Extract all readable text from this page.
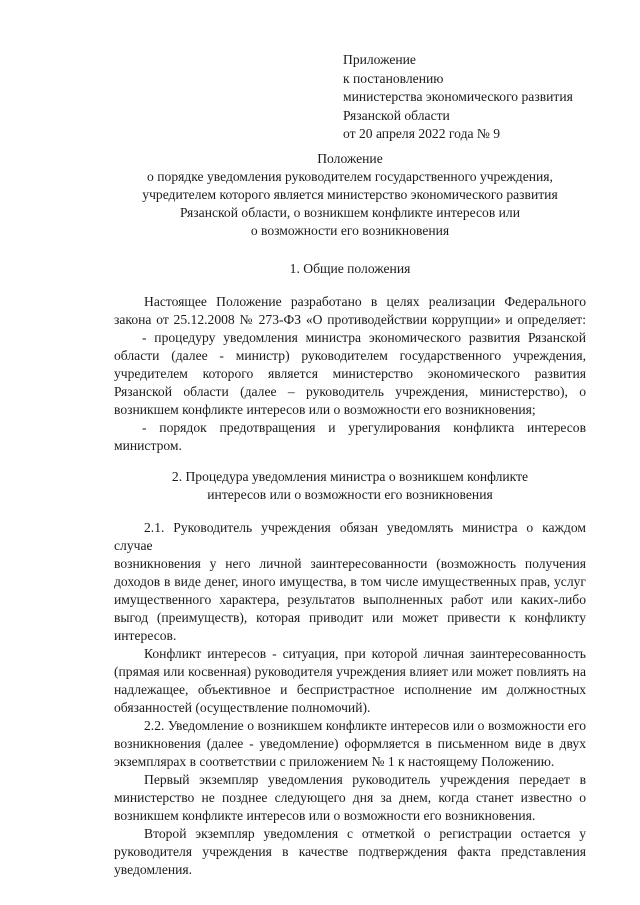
Приложение
к постановлению
министерства экономического развития
Рязанской области
от 20 апреля 2022 года № 9
Положение
о порядке уведомления руководителем государственного учреждения,
учредителем которого является министерство экономического развития
Рязанской области, о возникшем конфликте интересов или
о возможности его возникновения
1. Общие положения
Настоящее Положение разработано в целях реализации Федерального
закона от 25.12.2008 № 273-ФЗ «О противодействии коррупции» и определяет:
- процедуру уведомления министра экономического развития Рязанской
области (далее - министр) руководителем государственного учреждения,
учредителем которого является министерство экономического развития
Рязанской области (далее – руководитель учреждения, министерство), о
возникшем конфликте интересов или о возможности его возникновения;
- порядок предотвращения и урегулирования конфликта интересов
министром.
2. Процедура уведомления министра о возникшем конфликте
интересов или о возможности его возникновения
2.1. Руководитель учреждения обязан уведомлять министра о каждом случае
возникновения у него личной заинтересованности (возможность получения
доходов в виде денег, иного имущества, в том числе имущественных прав, услуг
имущественного характера, результатов выполненных работ или каких-либо
выгод (преимуществ), которая приводит или может привести к конфликту
интересов.
Конфликт интересов - ситуация, при которой личная заинтересованность
(прямая или косвенная) руководителя учреждения влияет или может повлиять на
надлежащее, объективное и беспристрастное исполнение им должностных
обязанностей (осуществление полномочий).
2.2. Уведомление о возникшем конфликте интересов или о возможности его
возникновения (далее - уведомление) оформляется в письменном виде в двух
экземплярах в соответствии с приложением № 1 к настоящему Положению.
Первый экземпляр уведомления руководитель учреждения передает в
министерство не позднее следующего дня за днем, когда станет известно о
возникшем конфликте интересов или о возможности его возникновения.
Второй экземпляр уведомления с отметкой о регистрации остается у
руководителя учреждения в качестве подтверждения факта представления
уведомления.
